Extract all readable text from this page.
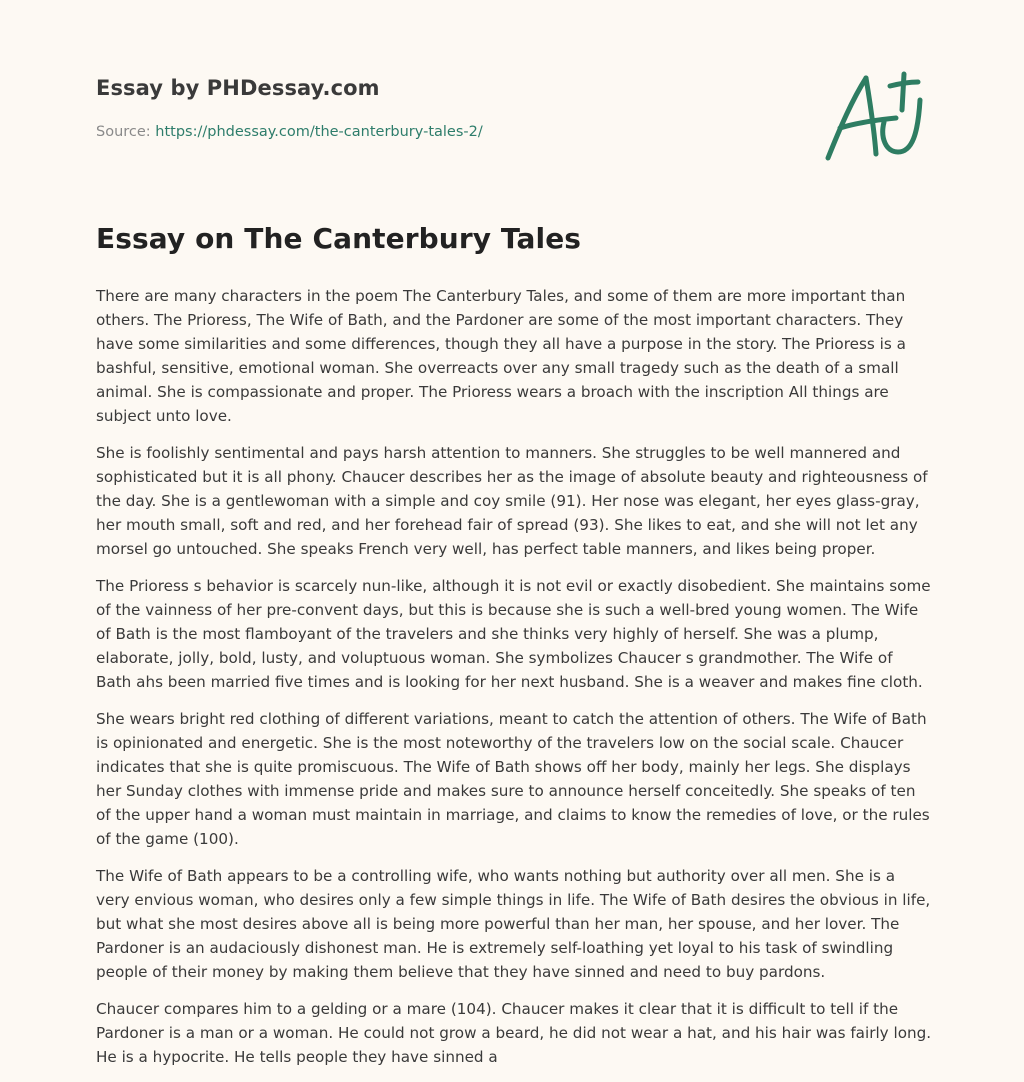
Essay by PHDessay.com
Source: https://phdessay.com/the-canterbury-tales-2/
Essay on The Canterbury Tales

There are many characters in the poem The Canterbury Tales, and some of them are more important than others. The Prioress, The Wife of Bath, and the Pardoner are some of the most important characters. They have some similarities and some differences, though they all have a purpose in the story. The Prioress is a bashful, sensitive, emotional woman. She overreacts over any small tragedy such as the death of a small animal. She is compassionate and proper. The Prioress wears a broach with the inscription All things are subject unto love.

She is foolishly sentimental and pays harsh attention to manners. She struggles to be well mannered and sophisticated but it is all phony. Chaucer describes her as the image of absolute beauty and righteousness of the day. She is a gentlewoman with a simple and coy smile (91). Her nose was elegant, her eyes glass-gray, her mouth small, soft and red, and her forehead fair of spread (93). She likes to eat, and she will not let any morsel go untouched. She speaks French very well, has perfect table manners, and likes being proper.

The Prioress s behavior is scarcely nun-like, although it is not evil or exactly disobedient. She maintains some of the vainness of her pre-convent days, but this is because she is such a well-bred young women. The Wife of Bath is the most flamboyant of the travelers and she thinks very highly of herself. She was a plump, elaborate, jolly, bold, lusty, and voluptuous woman. She symbolizes Chaucer s grandmother. The Wife of Bath ahs been married five times and is looking for her next husband. She is a weaver and makes fine cloth.

She wears bright red clothing of different variations, meant to catch the attention of others. The Wife of Bath is opinionated and energetic. She is the most noteworthy of the travelers low on the social scale. Chaucer indicates that she is quite promiscuous. The Wife of Bath shows off her body, mainly her legs. She displays her Sunday clothes with immense pride and makes sure to announce herself conceitedly. She speaks of ten of the upper hand a woman must maintain in marriage, and claims to know the remedies of love, or the rules of the game (100).

The Wife of Bath appears to be a controlling wife, who wants nothing but authority over all men. She is a very envious woman, who desires only a few simple things in life. The Wife of Bath desires the obvious in life, but what she most desires above all is being more powerful than her man, her spouse, and her lover. The Pardoner is an audaciously dishonest man. He is extremely self-loathing yet loyal to his task of swindling people of their money by making them believe that they have sinned and need to buy pardons.

Chaucer compares him to a gelding or a mare (104). Chaucer makes it clear that it is difficult to tell if the Pardoner is a man or a woman. He could not grow a beard, he did not wear a hat, and his hair was fairly long. He is a hypocrite. He tells people they have sinned a
